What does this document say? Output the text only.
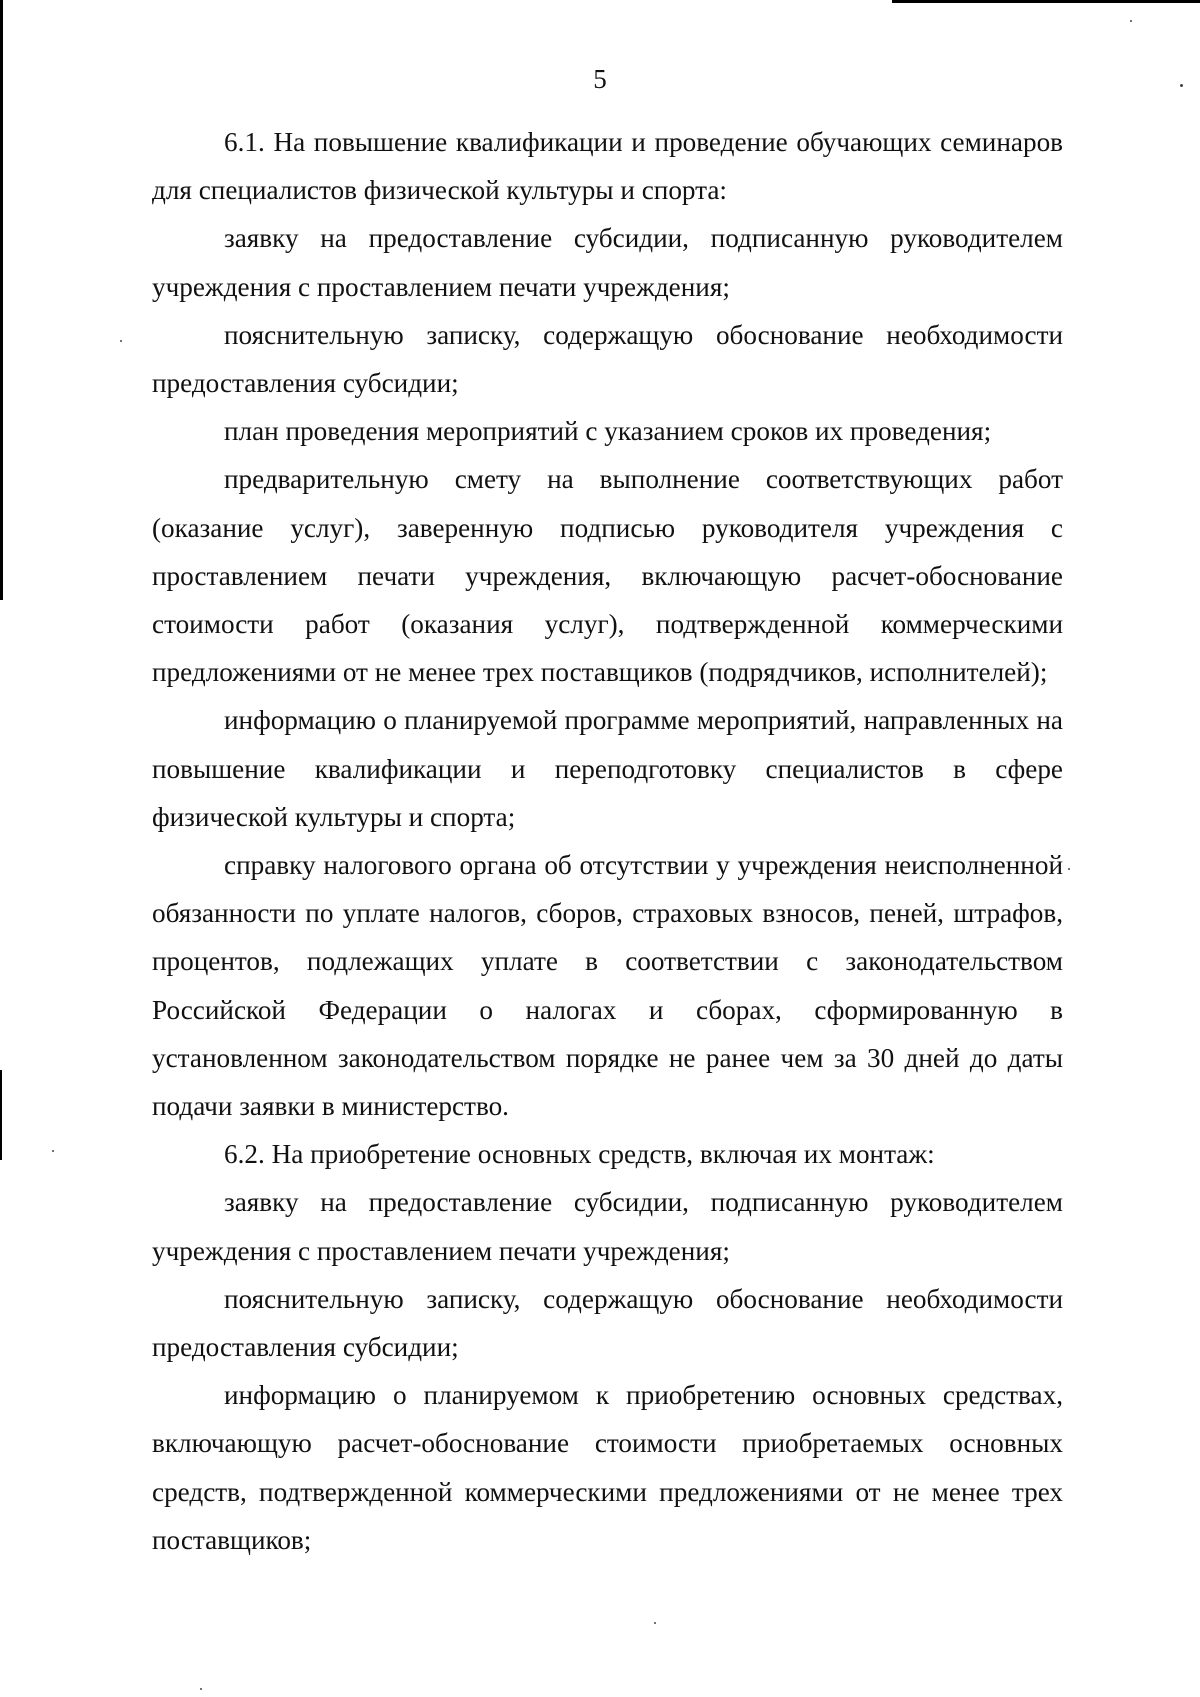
5

6.1. На повышение квалификации и проведение обучающих семинаров для специалистов физической культуры и спорта:

заявку на предоставление субсидии, подписанную руководителем учреждения с проставлением печати учреждения;

пояснительную записку, содержащую обоснование необходимости предоставления субсидии;

план проведения мероприятий с указанием сроков их проведения;

предварительную смету на выполнение соответствующих работ (оказание услуг), заверенную подписью руководителя учреждения с проставлением печати учреждения, включающую расчет-обоснование стоимости работ (оказания услуг), подтвержденной коммерческими предложениями от не менее трех поставщиков (подрядчиков, исполнителей);

информацию о планируемой программе мероприятий, направленных на повышение квалификации и переподготовку специалистов в сфере физической культуры и спорта;

справку налогового органа об отсутствии у учреждения неисполненной обязанности по уплате налогов, сборов, страховых взносов, пеней, штрафов, процентов, подлежащих уплате в соответствии с законодательством Российской Федерации о налогах и сборах, сформированную в установленном законодательством порядке не ранее чем за 30 дней до даты подачи заявки в министерство.

6.2. На приобретение основных средств, включая их монтаж:

заявку на предоставление субсидии, подписанную руководителем учреждения с проставлением печати учреждения;

пояснительную записку, содержащую обоснование необходимости предоставления субсидии;

информацию о планируемом к приобретению основных средствах, включающую расчет-обоснование стоимости приобретаемых основных средств, подтвержденной коммерческими предложениями от не менее трех поставщиков;
